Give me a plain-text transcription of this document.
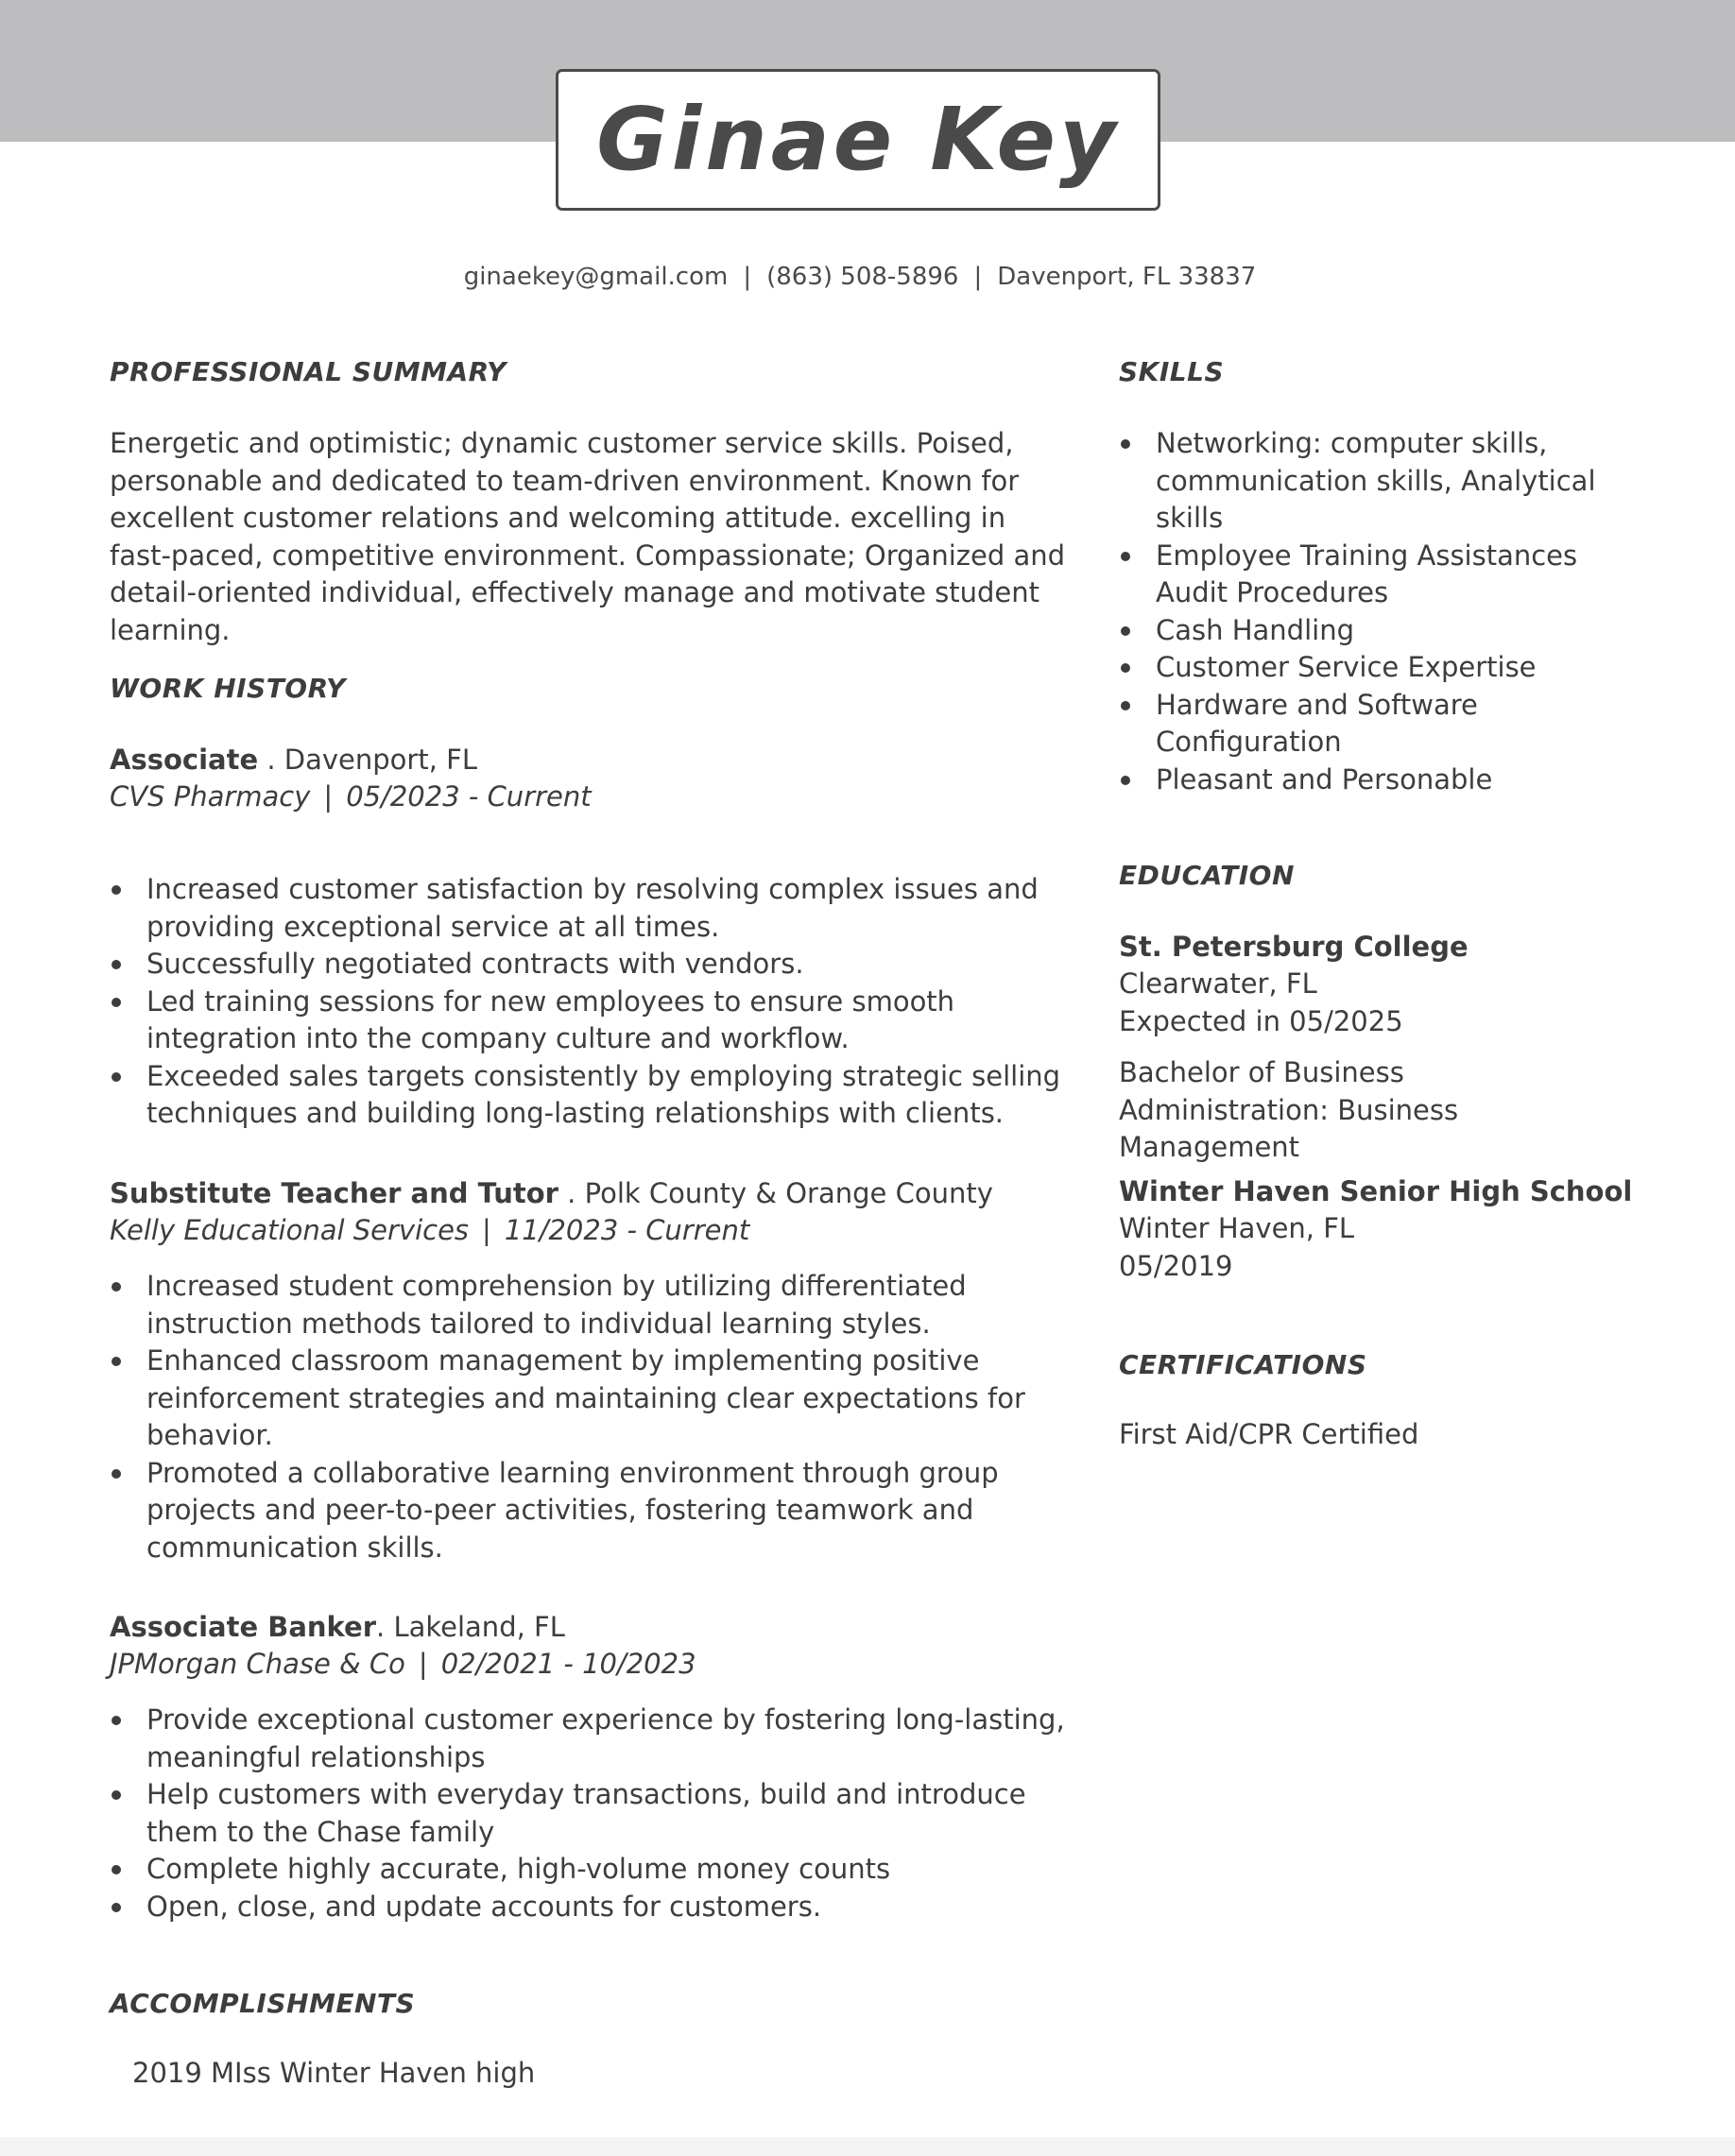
Ginae Key
ginaekey@gmail.com | (863) 508-5896 | Davenport, FL 33837
PROFESSIONAL SUMMARY

Energetic and optimistic; dynamic customer service skills. Poised, personable and dedicated to team-driven environment. Known for excellent customer relations and welcoming attitude. excelling in fast-paced, competitive environment. Compassionate; Organized and detail-oriented individual, effectively manage and motivate student learning.

WORK HISTORY

Associate . Davenport, FL

CVS Pharmacy | 05/2023 - Current

Increased customer satisfaction by resolving complex issues and providing exceptional service at all times.
Successfully negotiated contracts with vendors.
Led training sessions for new employees to ensure smooth integration into the company culture and workflow.
Exceeded sales targets consistently by employing strategic selling techniques and building long-lasting relationships with clients.

Substitute Teacher and Tutor . Polk County & Orange County

Kelly Educational Services | 11/2023 - Current

Increased student comprehension by utilizing differentiated instruction methods tailored to individual learning styles.
Enhanced classroom management by implementing positive reinforcement strategies and maintaining clear expectations for behavior.
Promoted a collaborative learning environment through group projects and peer-to-peer activities, fostering teamwork and communication skills.

Associate Banker. Lakeland, FL

JPMorgan Chase & Co | 02/2021 - 10/2023

Provide exceptional customer experience by fostering long-lasting, meaningful relationships
Help customers with everyday transactions, build and introduce them to the Chase family
Complete highly accurate, high-volume money counts
Open, close, and update accounts for customers.
ACCOMPLISHMENTS

2019 MIss Winter Haven high

SKILLS
Networking: computer skills, communication skills, Analytical skills
Employee Training Assistances Audit Procedures
Cash Handling
Customer Service Expertise
Hardware and Software Configuration
Pleasant and Personable
EDUCATION

St. Petersburg College

Clearwater, FL

Expected in 05/2025

Bachelor of Business Administration: Business Management

Winter Haven Senior High School

Winter Haven, FL

05/2019

CERTIFICATIONS

First Aid/CPR Certified
